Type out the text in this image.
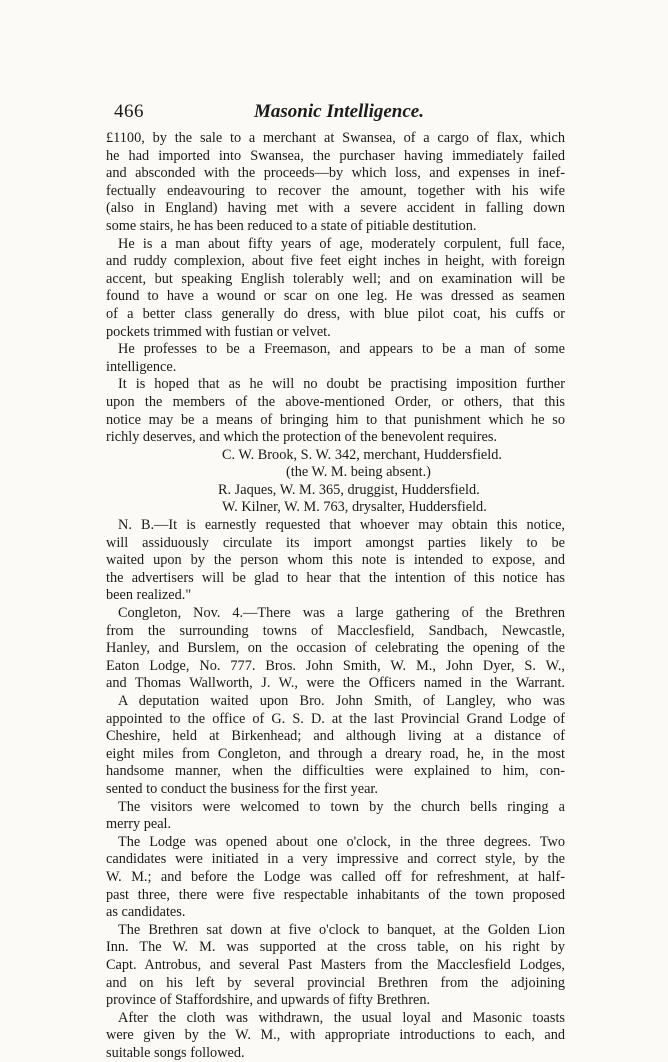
466	Masonic Intelligence.
£1100, by the sale to a merchant at Swansea, of a cargo of flax, which
he had imported into Swansea, the purchaser having immediately failed
and absconded with the proceeds—by which loss, and expenses in inef-
fectually endeavouring to recover the amount, together with his wife
(also in England) having met with a severe accident in falling down
some stairs, he has been reduced to a state of pitiable destitution.
He is a man about fifty years of age, moderately corpulent, full face,
and ruddy complexion, about five feet eight inches in height, with foreign
accent, but speaking English tolerably well; and on examination will be
found to have a wound or scar on one leg. He was dressed as seamen
of a better class generally do dress, with blue pilot coat, his cuffs or
pockets trimmed with fustian or velvet.
He professes to be a Freemason, and appears to be a man of some
intelligence.
It is hoped that as he will no doubt be practising imposition further
upon the members of the above-mentioned Order, or others, that this
notice may be a means of bringing him to that punishment which he so
richly deserves, and which the protection of the benevolent requires.
C. W. Brook, S. W. 342, merchant, Huddersfield.
(the W. M. being absent.)
R. Jaques, W. M. 365, druggist, Huddersfield.
W. Kilner, W. M. 763, drysalter, Huddersfield.
N. B.—It is earnestly requested that whoever may obtain this notice,
will assiduously circulate its import amongst parties likely to be
waited upon by the person whom this note is intended to expose, and
the advertisers will be glad to hear that the intention of this notice has
been realized."
Congleton, Nov. 4.—There was a large gathering of the Brethren
from the surrounding towns of Macclesfield, Sandbach, Newcastle,
Hanley, and Burslem, on the occasion of celebrating the opening of the
Eaton Lodge, No. 777. Bros. John Smith, W. M., John Dyer, S. W.,
and Thomas Wallworth, J. W., were the Officers named in the Warrant.
A deputation waited upon Bro. John Smith, of Langley, who was
appointed to the office of G. S. D. at the last Provincial Grand Lodge of
Cheshire, held at Birkenhead; and although living at a distance of
eight miles from Congleton, and through a dreary road, he, in the most
handsome manner, when the difficulties were explained to him, con-
sented to conduct the business for the first year.
The visitors were welcomed to town by the church bells ringing a
merry peal.
The Lodge was opened about one o'clock, in the three degrees. Two
candidates were initiated in a very impressive and correct style, by the
W. M.; and before the Lodge was called off for refreshment, at half-
past three, there were five respectable inhabitants of the town proposed
as candidates.
The Brethren sat down at five o'clock to banquet, at the Golden Lion
Inn. The W. M. was supported at the cross table, on his right by
Capt. Antrobus, and several Past Masters from the Macclesfield Lodges,
and on his left by several provincial Brethren from the adjoining
province of Staffordshire, and upwards of fifty Brethren.
After the cloth was withdrawn, the usual loyal and Masonic toasts
were given by the W. M., with appropriate introductions to each, and
suitable songs followed.
